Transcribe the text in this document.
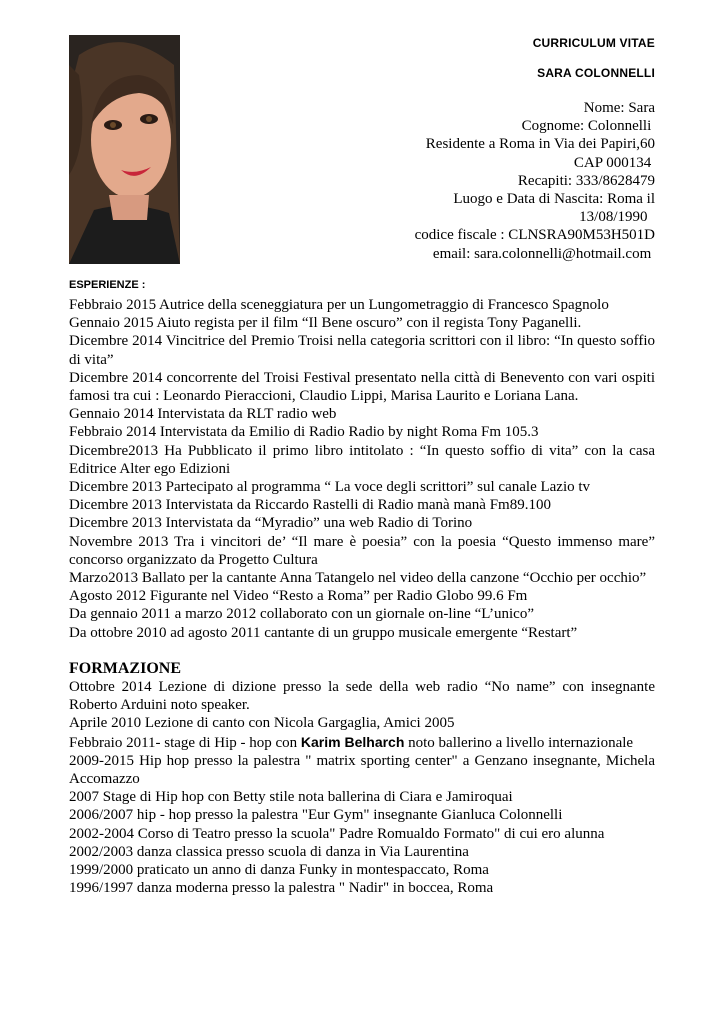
CURRICULUM VITAE
SARA COLONNELLI
Nome: Sara
Cognome: Colonnelli
Residente a Roma in Via dei Papiri,60
CAP 000134
Recapiti: 333/8628479
Luogo e Data di Nascita: Roma il
13/08/1990
codice fiscale : CLNSRA90M53H501D
email: sara.colonnelli@hotmail.com
ESPERIENZE :
Febbraio 2015 Autrice della sceneggiatura per un Lungometraggio di Francesco Spagnolo
Gennaio 2015 Aiuto regista per il film “Il Bene oscuro” con il regista Tony Paganelli.
Dicembre 2014 Vincitrice del Premio Troisi nella categoria scrittori con il libro: “In questo soffio di vita”
Dicembre 2014 concorrente del Troisi Festival presentato nella città di Benevento con vari ospiti famosi tra cui : Leonardo Pieraccioni, Claudio Lippi, Marisa Laurito e Loriana Lana.
Gennaio 2014 Intervistata da RLT radio web
Febbraio 2014 Intervistata da Emilio di Radio Radio by night Roma Fm 105.3
Dicembre2013 Ha Pubblicato il primo libro intitolato : “In questo soffio di vita” con la casa Editrice Alter ego Edizioni
Dicembre 2013 Partecipato al programma “ La voce degli scrittori” sul canale Lazio tv
Dicembre 2013 Intervistata da Riccardo Rastelli di Radio manà manà Fm89.100
Dicembre 2013 Intervistata da “Myradio” una web Radio di Torino
Novembre 2013 Tra i vincitori de’ “Il mare è poesia” con la poesia “Questo immenso mare” concorso organizzato da Progetto Cultura
Marzo2013 Ballato per la cantante Anna Tatangelo nel video della canzone “Occhio per occhio”
Agosto 2012 Figurante nel Video “Resto a Roma” per Radio Globo 99.6 Fm
Da gennaio 2011 a marzo 2012 collaborato con un giornale on-line “L’unico”
Da ottobre 2010 ad agosto 2011 cantante di un gruppo musicale emergente “Restart”
FORMAZIONE
Ottobre 2014 Lezione di dizione presso la sede della web radio “No name” con insegnante Roberto Arduini noto speaker.
Aprile 2010 Lezione di canto con Nicola Gargaglia, Amici 2005
Febbraio 2011- stage di Hip - hop con Karim Belharch noto ballerino a livello internazionale
2009-2015 Hip hop presso la palestra " matrix sporting center" a Genzano insegnante, Michela Accomazzo
2007 Stage di Hip hop con Betty stile nota ballerina di Ciara e Jamiroquai
2006/2007 hip - hop presso la palestra "Eur Gym" insegnante Gianluca Colonnelli
2002-2004 Corso di Teatro presso la scuola" Padre Romualdo Formato" di cui ero alunna
2002/2003 danza classica presso scuola di danza in Via Laurentina
1999/2000 praticato un anno di danza Funky in montespaccato, Roma
1996/1997 danza moderna presso la palestra " Nadir" in boccea, Roma
